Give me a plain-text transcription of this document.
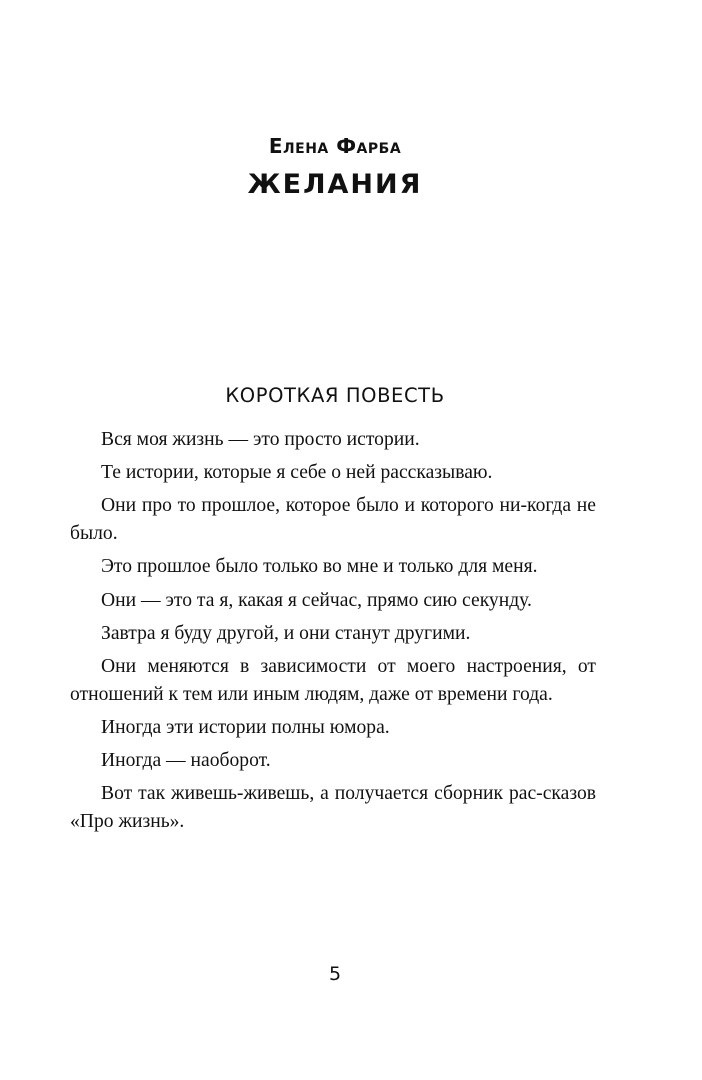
Елена Фарба
ЖЕЛАНИЯ
КОРОТКАЯ ПОВЕСТЬ

Вся моя жизнь — это просто истории.

Те истории, которые я себе о ней рассказываю.

Они про то прошлое, которое было и которого ни-когда не было.

Это прошлое было только во мне и только для меня.

Они — это та я, какая я сейчас, прямо сию секунду.

Завтра я буду другой, и они станут другими.

Они меняются в зависимости от моего настроения, от отношений к тем или иным людям, даже от времени года.

Иногда эти истории полны юмора.

Иногда — наоборот.

Вот так живешь-живешь, а получается сборник рас-сказов «Про жизнь».

5
